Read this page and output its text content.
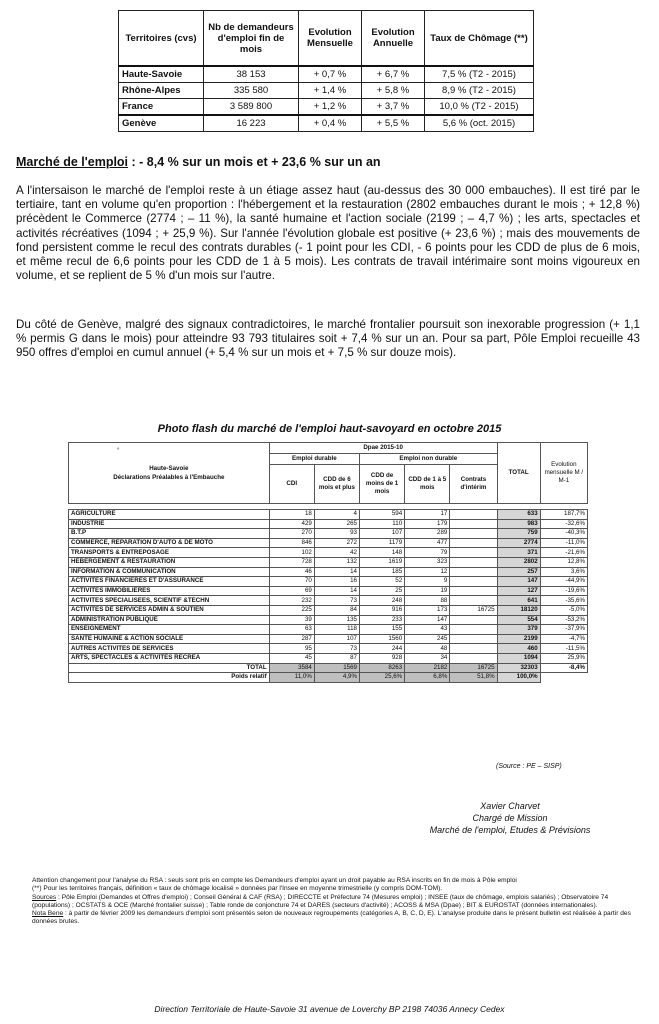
Territoires (cvs)	Nb de demandeurs d'emploi fin de mois	Evolution Mensuelle	Evolution Annuelle	Taux de Chômage (**)
Haute-Savoie	38 153	+ 0,7 %	+ 6,7 %	7,5 % (T2 - 2015)
Rhône-Alpes	335 580	+ 1,4 %	+ 5,8 %	8,9 % (T2 - 2015)
France	3 589 800	+ 1,2 %	+ 3,7 %	10,0 % (T2 - 2015)
Genève	16 223	+ 0,4 %	+ 5,5 %	5,6 % (oct. 2015)
Marché de l'emploi : - 8,4 % sur un mois et + 23,6 % sur un an

A l'intersaison le marché de l'emploi reste à un étiage assez haut (au-dessus des 30 000 embauches). Il est tiré par le tertiaire, tant en volume qu'en proportion : l'hébergement et la restauration (2802 embauches durant le mois ; + 12,8 %) précèdent le Commerce (2774 ; – 11 %), la santé humaine et l'action sociale (2199 ; – 4,7 %) ; les arts, spectacles et activités récréatives (1094 ; + 25,9 %). Sur l'année l'évolution globale est positive (+ 23,6 %) ; mais des mouvements de fond persistent comme le recul des contrats durables (- 1 point pour les CDI, - 6 points pour les CDD de plus de 6 mois, et même recul de 6,6 points pour les CDD de 1 à 5 mois). Les contrats de travail intérimaire sont moins vigoureux en volume, et se replient de 5 % d'un mois sur l'autre.

Du côté de Genève, malgré des signaux contradictoires, le marché frontalier poursuit son inexorable progression (+ 1,1 % permis G dans le mois) pour atteindre 93 793 titulaires soit + 7,4 % sur un an. Pour sa part, Pôle Emploi recueille 43 950 offres d'emploi en cumul annuel (+ 5,4 % sur un mois et + 7,5 % sur douze mois).

Photo flash du marché de l'emploi haut-savoyard en octobre 2015
°
Haute-Savoie
Déclarations Préalables à l'Embauche	Dpae 2015-10					TOTAL	Evolution mensuelle M / M-1
	Emploi durable		Emploi non durable				
	CDI	CDD de 6 mois et plus	CDD de moins de 1 mois	CDD de 1 à 5 mois	Contrats d'intérim		

AGRICULTURE	18	4	594	17		633	187,7%
INDUSTRIE	429	265	110	179		983	-32,6%
B.T.P	270	93	107	289		759	-40,3%
COMMERCE, REPARATION D'AUTO & DE MOTO	846	272	1179	477		2774	-11,0%
TRANSPORTS & ENTREPOSAGE	102	42	148	79		371	-21,6%
HEBERGEMENT & RESTAURATION	728	132	1619	323		2802	12,8%
INFORMATION & COMMUNICATION	46	14	185	12		257	3,6%
ACTIVITES FINANCIERES ET D'ASSURANCE	70	16	52	9		147	-44,9%
ACTIVITES IMMOBILIERES	69	14	25	19		127	-19,6%
ACTIVITES SPECIALISEES, SCIENTIF &TECHN	232	73	248	88		641	-35,6%
ACTIVITES DE SERVICES ADMIN & SOUTIEN	225	84	916	173	16725	18120	-5,0%
ADMINISTRATION PUBLIQUE	39	135	233	147		554	-53,2%
ENSEIGNEMENT	63	118	155	43		379	-37,9%
SANTE HUMAINE & ACTION SOCIALE	287	107	1560	245		2199	-4,7%
AUTRES ACTIVITES DE SERVICES	95	73	244	48		460	-11,5%
ARTS, SPECTACLES & ACTIVITES RECREA	45	87	928	34		1094	25,9%
TOTAL	3584	1569	8263	2182	16725	32303	-8,4%
Poids relatif	11,0%	4,9%	25,6%	6,8%	51,8%	100,0%	
(Source : PE – SISP)
Xavier Charvet
Chargé de Mission
Marché de l'emploi, Etudes & Prévisions

Attention changement pour l'analyse du RSA : seuls sont pris en compte les Demandeurs d'emploi ayant un droit payable au RSA inscrits en fin de mois à Pôle emploi

(**) Pour les territoires français, définition « taux de chômage localisé » données par l'Insee en moyenne trimestrielle (y compris DOM-TOM).

Sources : Pôle Emploi (Demandes et Offres d'emploi) ; Conseil Général & CAF (RSA) ; DIRECCTE et Préfecture 74 (Mesures emploi) ; INSEE (taux de chômage, emplois salariés) ; Observatoire 74 (populations) ; OCSTATS & OCE (Marché frontalier suisse) ; Table ronde de conjoncture 74 et DARES (secteurs d'activité) ; ACOSS & MSA (Dpae) ; BIT & EUROSTAT (données internationales).

Nota Bene : à partir de février 2009 les demandeurs d'emploi sont présentés selon de nouveaux regroupements (catégories A, B, C, D, E). L'analyse produite dans le présent bulletin est réalisée à partir des données brutes.

Direction Territoriale de Haute-Savoie 31 avenue de Loverchy BP 2198 74036 Annecy Cedex
